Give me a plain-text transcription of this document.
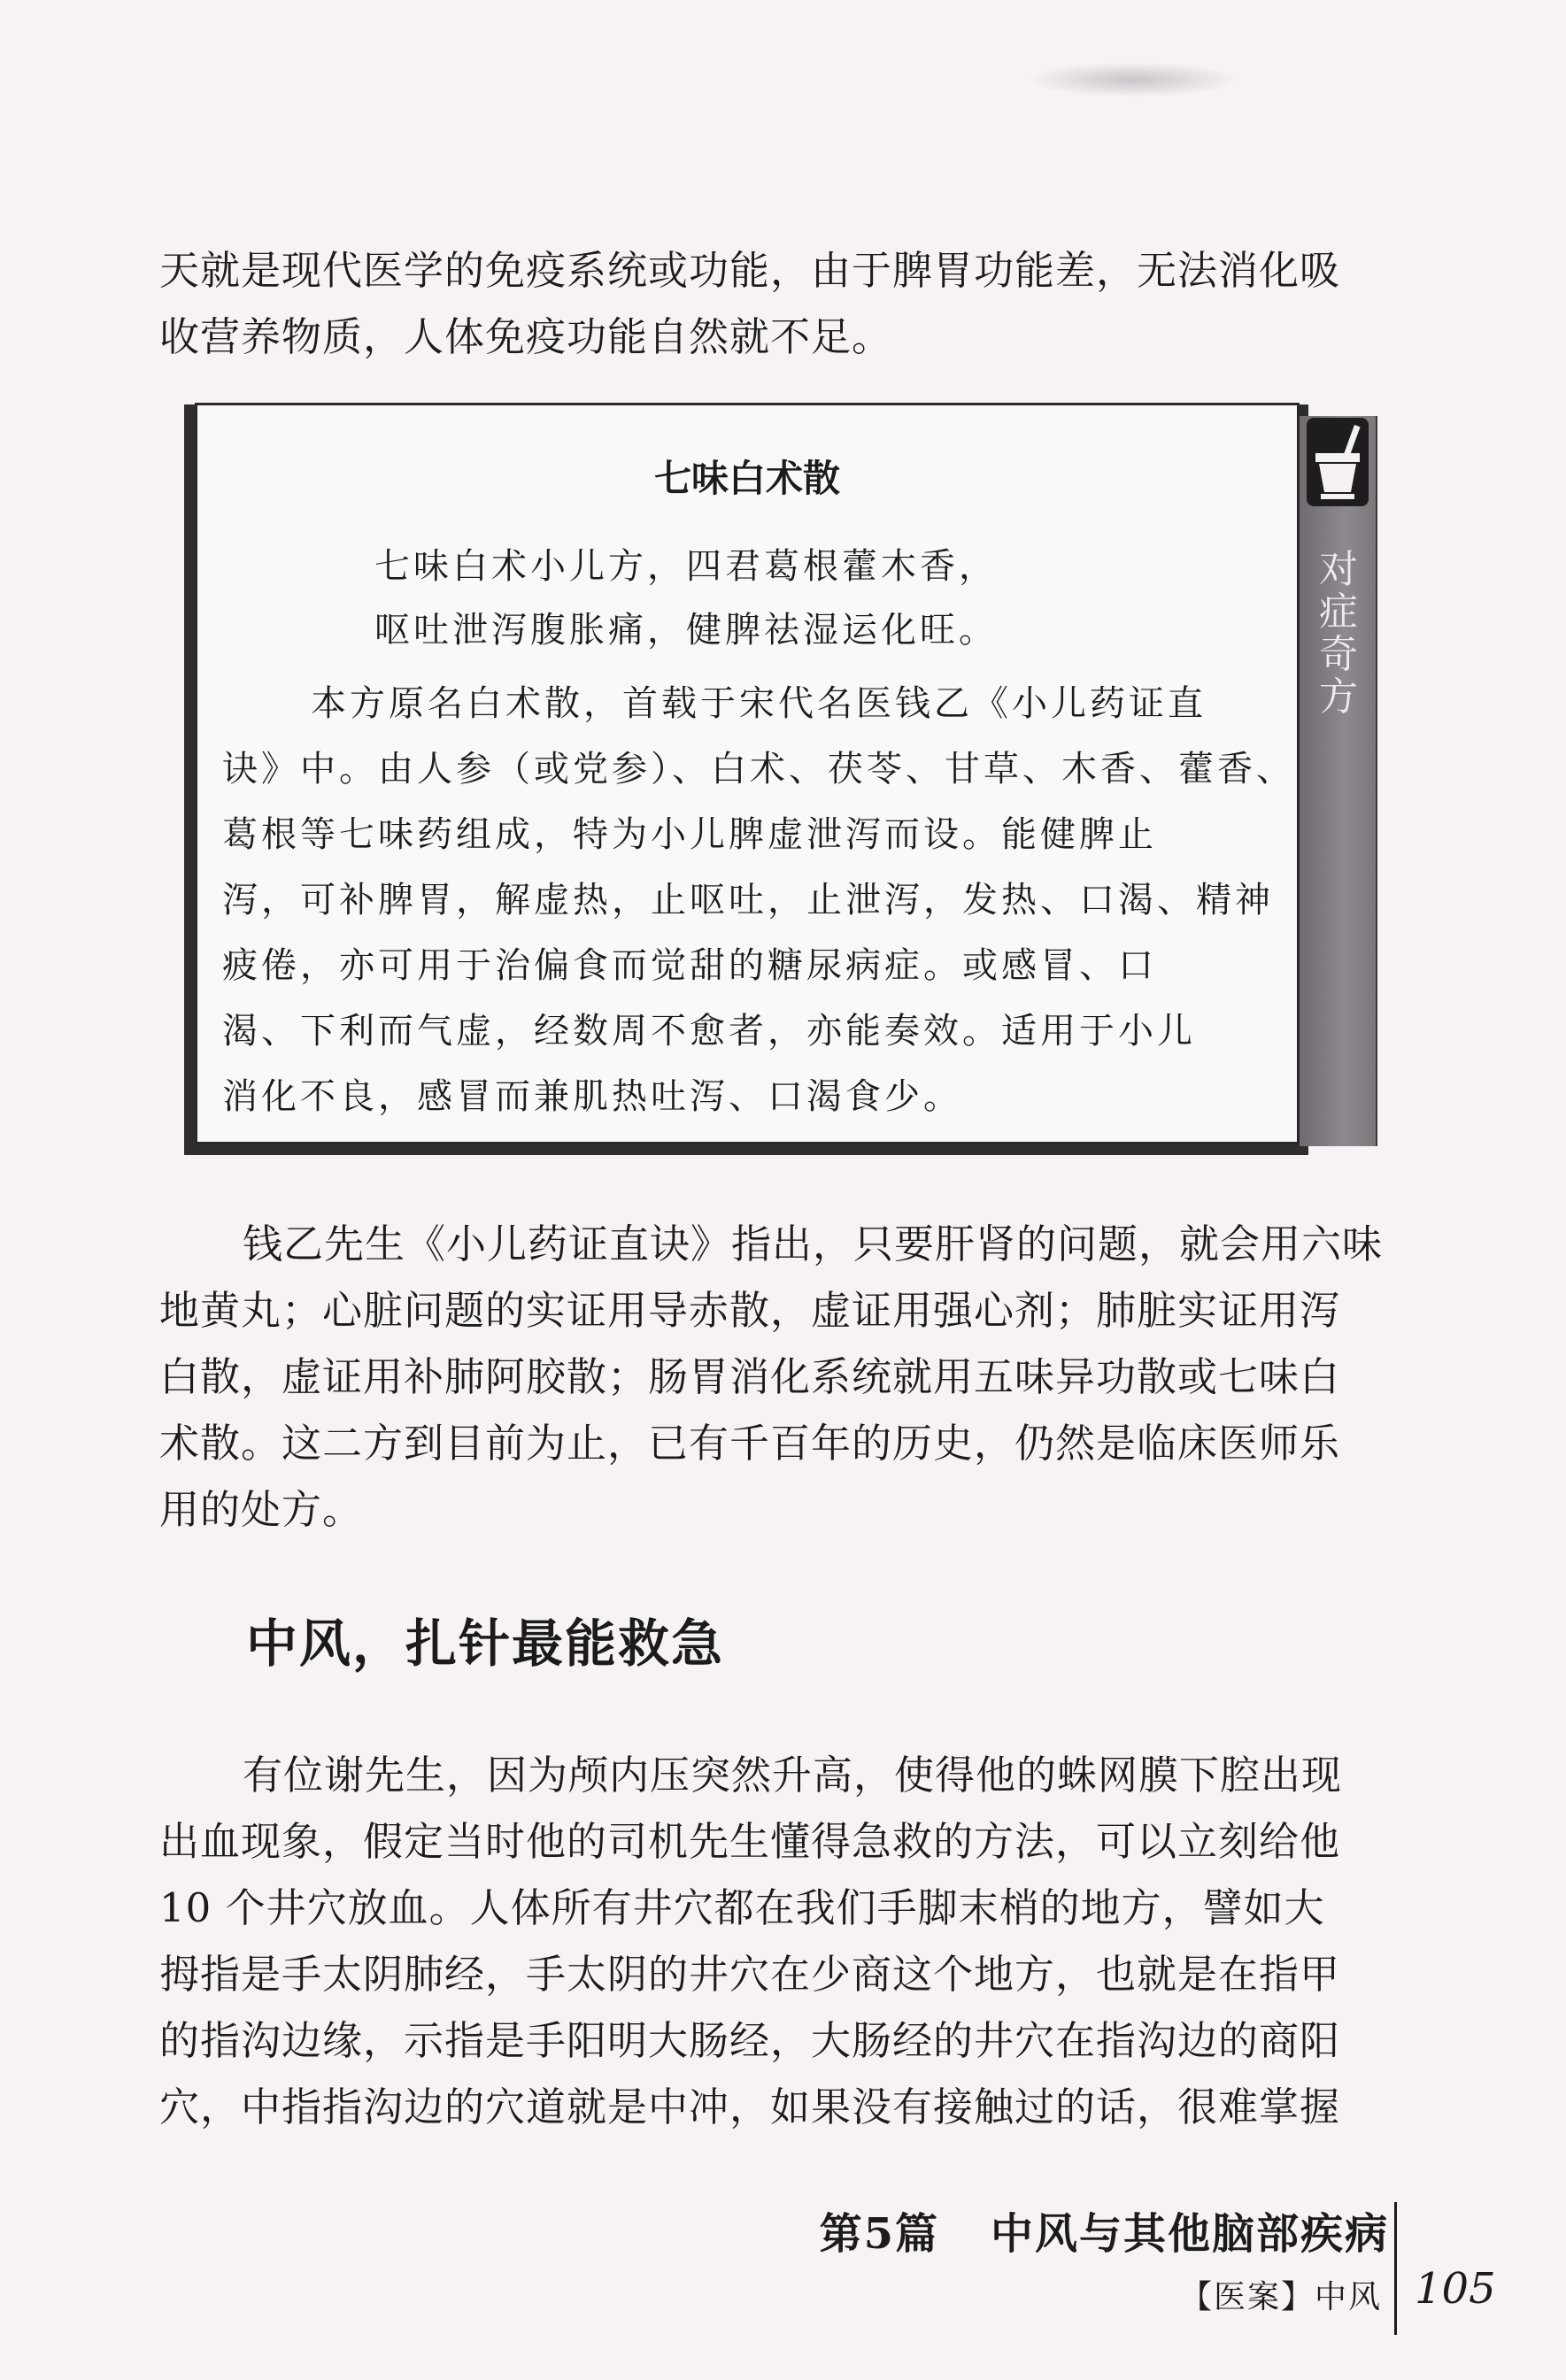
天就是现代医学的免疫系统或功能，由于脾胃功能差，无法消化吸
收营养物质，人体免疫功能自然就不足。

七味白术散
七味白术小儿方，四君葛根藿木香，
呕吐泄泻腹胀痛，健脾祛湿运化旺。
本方原名白术散，首载于宋代名医钱乙《小儿药证直
诀》中。由人参（或党参）、白术、茯苓、甘草、木香、藿香、
葛根等七味药组成，特为小儿脾虚泄泻而设。能健脾止
泻，可补脾胃，解虚热，止呕吐，止泄泻，发热、口渴、精神
疲倦，亦可用于治偏食而觉甜的糖尿病症。或感冒、口
渴、下利而气虚，经数周不愈者，亦能奏效。适用于小儿
消化不良，感冒而兼肌热吐泻、口渴食少。
对
症
奇
方

钱乙先生《小儿药证直诀》指出，只要肝肾的问题，就会用六味
地黄丸；心脏问题的实证用导赤散，虚证用强心剂；肺脏实证用泻
白散，虚证用补肺阿胶散；肠胃消化系统就用五味异功散或七味白
术散。这二方到目前为止，已有千百年的历史，仍然是临床医师乐
用的处方。

中风，扎针最能救急

有位谢先生，因为颅内压突然升高，使得他的蛛网膜下腔出现
出血现象，假定当时他的司机先生懂得急救的方法，可以立刻给他
10 个井穴放血。人体所有井穴都在我们手脚末梢的地方，譬如大
拇指是手太阴肺经，手太阴的井穴在少商这个地方，也就是在指甲
的指沟边缘，示指是手阳明大肠经，大肠经的井穴在指沟边的商阳
穴，中指指沟边的穴道就是中冲，如果没有接触过的话，很难掌握

第5篇 中风与其他脑部疾病
【医案】中风 105
